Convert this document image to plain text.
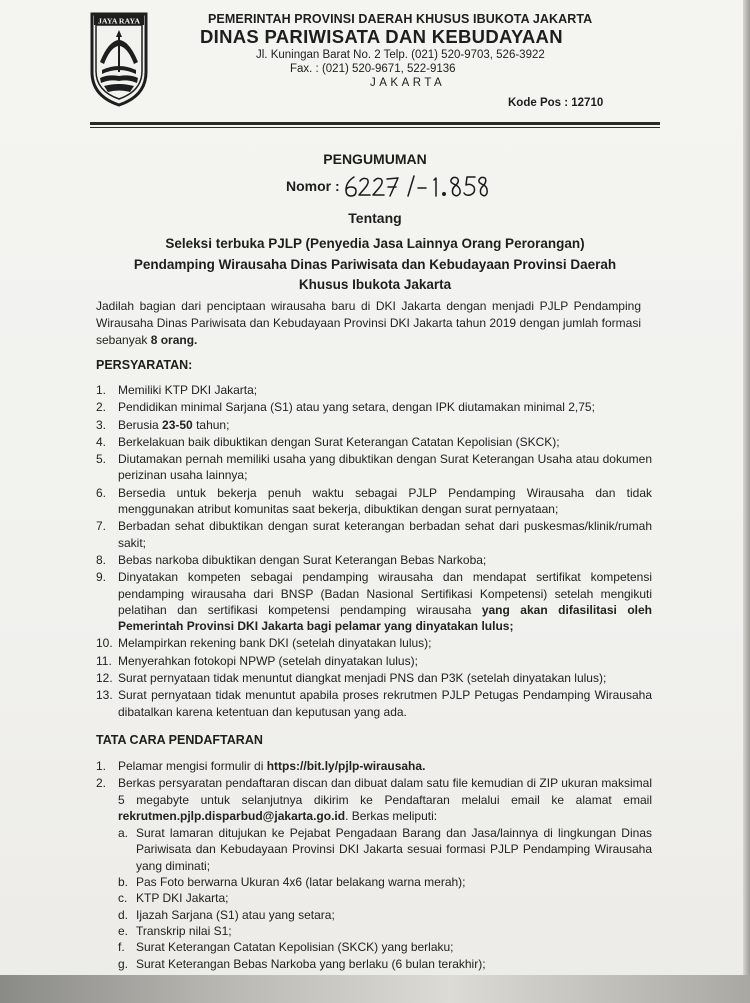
JAYA RAYA	PEMERINTAH PROVINSI DAERAH KHUSUS IBUKOTA JAKARTA
DINAS PARIWISATA DAN KEBUDAYAAN
Jl. Kuningan Barat No. 2 Telp. (021) 520-9703, 526-3922
Fax. : (021) 520-9671, 522-9136
JAKARTA
Kode Pos : 12710
PENGUMUMAN
Nomor :
Tentang
Seleksi terbuka PJLP (Penyedia Jasa Lainnya Orang Perorangan)
Pendamping Wirausaha Dinas Pariwisata dan Kebudayaan Provinsi Daerah
Khusus Ibukota Jakarta
Jadilah bagian dari penciptaan wirausaha baru di DKI Jakarta dengan menjadi PJLP Pendamping Wirausaha Dinas Pariwisata dan Kebudayaan Provinsi DKI Jakarta tahun 2019 dengan jumlah formasi sebanyak 8 orang.
PERSYARATAN:
1. Memiliki KTP DKI Jakarta;
2. Pendidikan minimal Sarjana (S1) atau yang setara, dengan IPK diutamakan minimal 2,75;
3. Berusia 23-50 tahun;
4. Berkelakuan baik dibuktikan dengan Surat Keterangan Catatan Kepolisian (SKCK);
5. Diutamakan pernah memiliki usaha yang dibuktikan dengan Surat Keterangan Usaha atau dokumen perizinan usaha lainnya;
6. Bersedia untuk bekerja penuh waktu sebagai PJLP Pendamping Wirausaha dan tidak menggunakan atribut komunitas saat bekerja, dibuktikan dengan surat pernyataan;
7. Berbadan sehat dibuktikan dengan surat keterangan berbadan sehat dari puskesmas/klinik/rumah sakit;
8. Bebas narkoba dibuktikan dengan Surat Keterangan Bebas Narkoba;
9. Dinyatakan kompeten sebagai pendamping wirausaha dan mendapat sertifikat kompetensi pendamping wirausaha dari BNSP (Badan Nasional Sertifikasi Kompetensi) setelah mengikuti pelatihan dan sertifikasi kompetensi pendamping wirausaha yang akan difasilitasi oleh Pemerintah Provinsi DKI Jakarta bagi pelamar yang dinyatakan lulus;
10. Melampirkan rekening bank DKI (setelah dinyatakan lulus);
11. Menyerahkan fotokopi NPWP (setelah dinyatakan lulus);
12. Surat pernyataan tidak menuntut diangkat menjadi PNS dan P3K (setelah dinyatakan lulus);
13. Surat pernyataan tidak menuntut apabila proses rekrutmen PJLP Petugas Pendamping Wirausaha dibatalkan karena ketentuan dan keputusan yang ada.
TATA CARA PENDAFTARAN
1. Pelamar mengisi formulir di https://bit.ly/pjlp-wirausaha.
2. Berkas persyaratan pendaftaran discan dan dibuat dalam satu file kemudian di ZIP ukuran maksimal 5 megabyte untuk selanjutnya dikirim ke Pendaftaran melalui email ke alamat email rekrutmen.pjlp.disparbud@jakarta.go.id. Berkas meliputi:
a. Surat lamaran ditujukan ke Pejabat Pengadaan Barang dan Jasa/lainnya di lingkungan Dinas Pariwisata dan Kebudayaan Provinsi DKI Jakarta sesuai formasi PJLP Pendamping Wirausaha yang diminati;
b. Pas Foto berwarna Ukuran 4x6 (latar belakang warna merah);
c. KTP DKI Jakarta;
d. Ijazah Sarjana (S1) atau yang setara;
e. Transkrip nilai S1;
f. Surat Keterangan Catatan Kepolisian (SKCK) yang berlaku;
g. Surat Keterangan Bebas Narkoba yang berlaku (6 bulan terakhir);
